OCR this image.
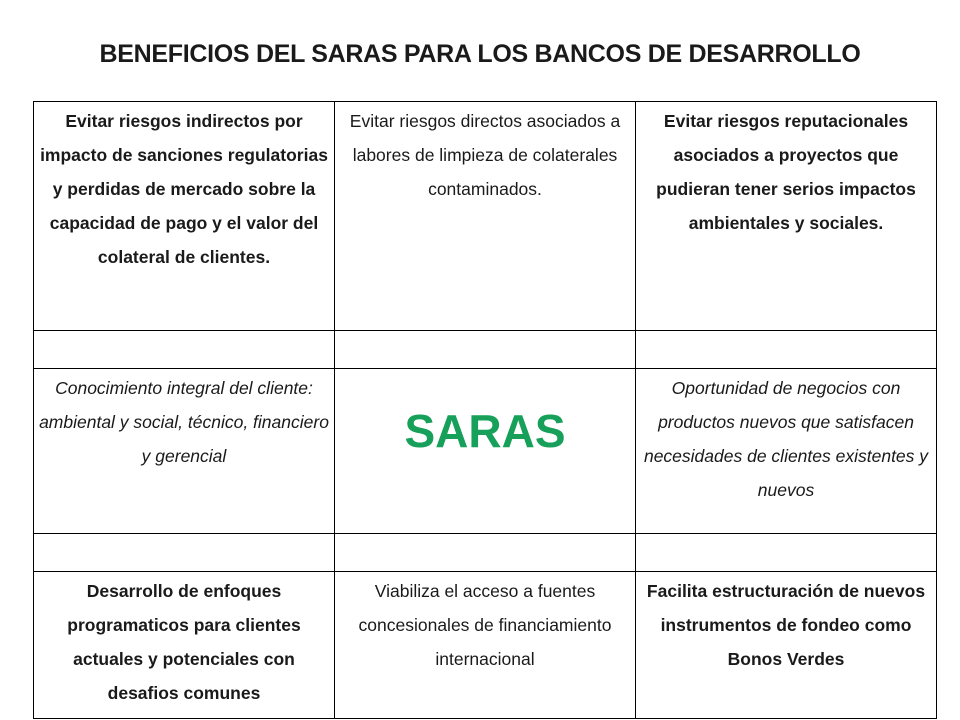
BENEFICIOS DEL SARAS PARA LOS BANCOS DE DESARROLLO
Evitar riesgos indirectos por impacto de sanciones regulatorias y perdidas de mercado sobre la capacidad de pago y el valor del colateral de clientes.	Evitar riesgos directos asociados a labores de limpieza de colaterales contaminados.	Evitar riesgos reputacionales asociados a proyectos que pudieran tener serios impactos ambientales y sociales.

Conocimiento integral del cliente: ambiental y social, técnico, financiero y gerencial	SARAS	Oportunidad de negocios con productos nuevos que satisfacen necesidades de clientes existentes y nuevos

Desarrollo de enfoques programaticos para clientes actuales y potenciales con desafios comunes	Viabiliza el acceso a fuentes concesionales de financiamiento internacional	Facilita estructuración de nuevos instrumentos de fondeo como Bonos Verdes
